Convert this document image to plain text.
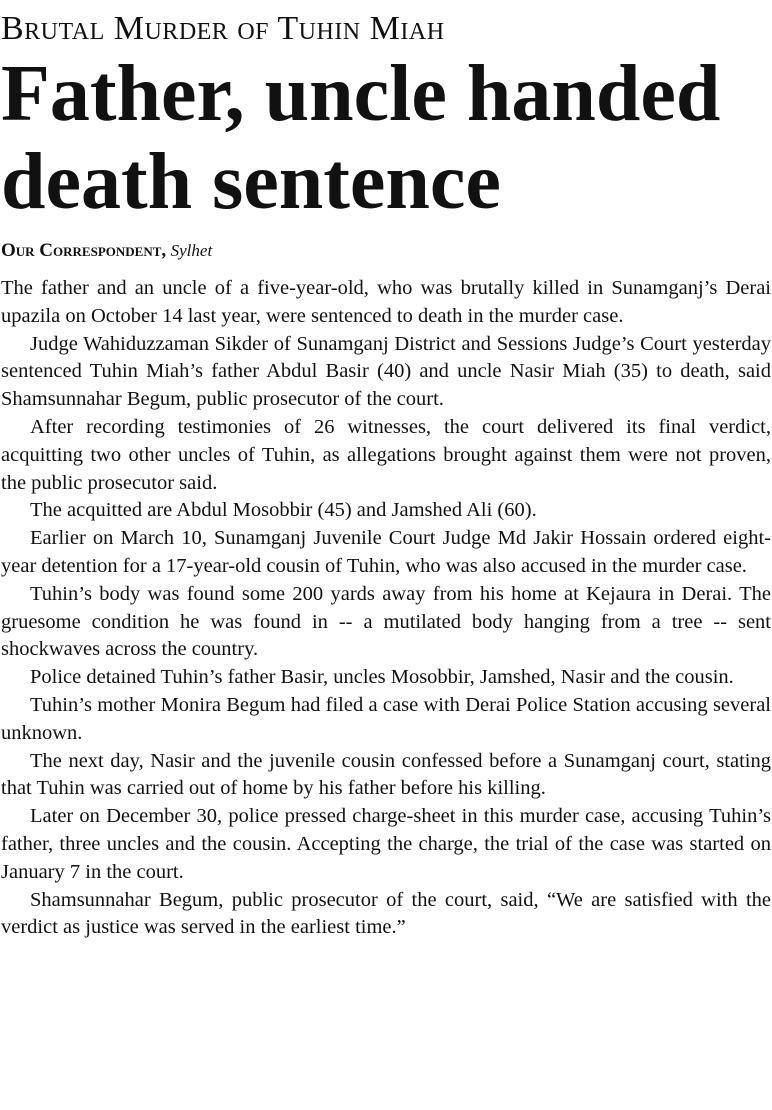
Brutal Murder of Tuhin Miah
Father, uncle handed death sentence
Our Correspondent, Sylhet

The father and an uncle of a five-year-old, who was brutally killed in Sunamganj’s Derai upazila on October 14 last year, were sentenced to death in the murder case.

Judge Wahiduzzaman Sikder of Sunamganj District and Sessions Judge’s Court yesterday sentenced Tuhin Miah’s father Abdul Basir (40) and uncle Nasir Miah (35) to death, said Shamsunnahar Begum, public prosecutor of the court.

After recording testimonies of 26 witnesses, the court delivered its final verdict, acquitting two other uncles of Tuhin, as allegations brought against them were not proven, the public prosecutor said.

The acquitted are Abdul Mosobbir (45) and Jamshed Ali (60).

Earlier on March 10, Sunamganj Juvenile Court Judge Md Jakir Hossain ordered eight-year detention for a 17-year-old cousin of Tuhin, who was also accused in the murder case.

Tuhin’s body was found some 200 yards away from his home at Kejaura in Derai. The gruesome condition he was found in -- a mutilated body hanging from a tree -- sent shockwaves across the country.

Police detained Tuhin’s father Basir, uncles Mosobbir, Jamshed, Nasir and the cousin.

Tuhin’s mother Monira Begum had filed a case with Derai Police Station accusing several unknown.

The next day, Nasir and the juvenile cousin confessed before a Sunamganj court, stating that Tuhin was carried out of home by his father before his killing.

Later on December 30, police pressed charge-sheet in this murder case, accusing Tuhin’s father, three uncles and the cousin. Accepting the charge, the trial of the case was started on January 7 in the court.

Shamsunnahar Begum, public prosecutor of the court, said, “We are satisfied with the verdict as justice was served in the earliest time.”
